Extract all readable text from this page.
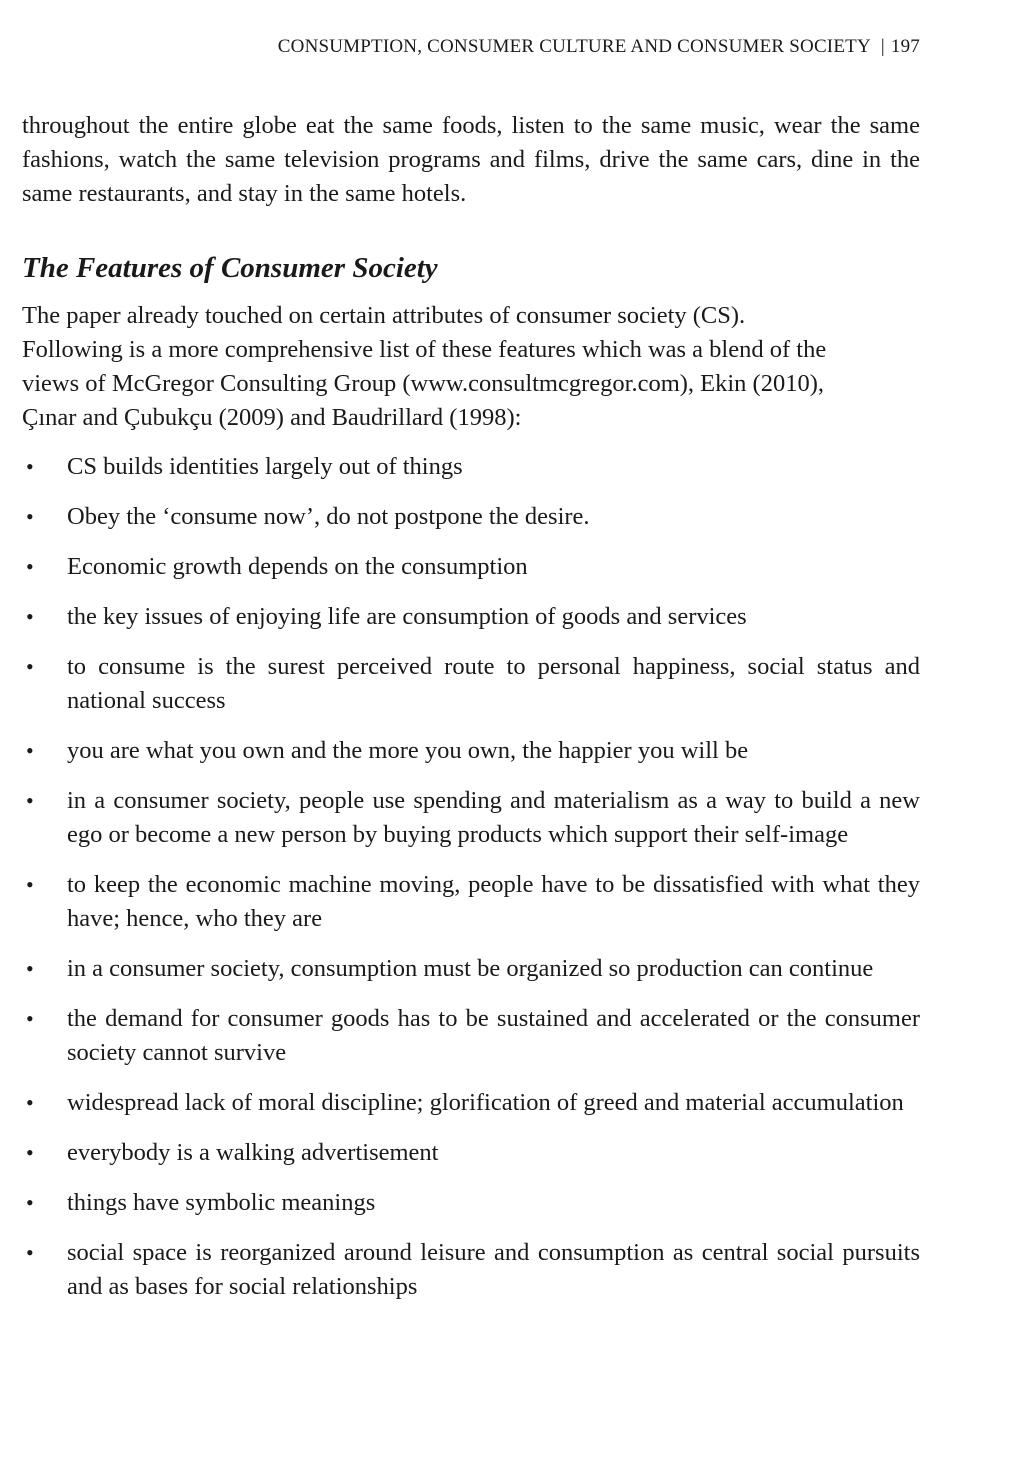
CONSUMPTION, CONSUMER CULTURE AND CONSUMER SOCIETY | 197

throughout the entire globe eat the same foods, listen to the same music, wear the same fashions, watch the same television programs and films, drive the same cars, dine in the same restaurants, and stay in the same hotels.

The Features of Consumer Society

The paper already touched on certain attributes of consumer society (CS).
Following is a more comprehensive list of these features which was a blend of the
views of McGregor Consulting Group (www.consultmcgregor.com), Ekin (2010),
Çınar and Çubukçu (2009) and Baudrillard (1998):

• CS builds identities largely out of things
• Obey the ‘consume now’, do not postpone the desire.
• Economic growth depends on the consumption
• the key issues of enjoying life are consumption of goods and services
• to consume is the surest perceived route to personal happiness, social status and national success
• you are what you own and the more you own, the happier you will be
• in a consumer society, people use spending and materialism as a way to build a new ego or become a new person by buying products which support their self-image
• to keep the economic machine moving, people have to be dissatisfied with what they have; hence, who they are
• in a consumer society, consumption must be organized so production can continue
• the demand for consumer goods has to be sustained and accelerated or the consumer society cannot survive
• widespread lack of moral discipline; glorification of greed and material accumulation
• everybody is a walking advertisement
• things have symbolic meanings
• social space is reorganized around leisure and consumption as central social pursuits and as bases for social relationships
